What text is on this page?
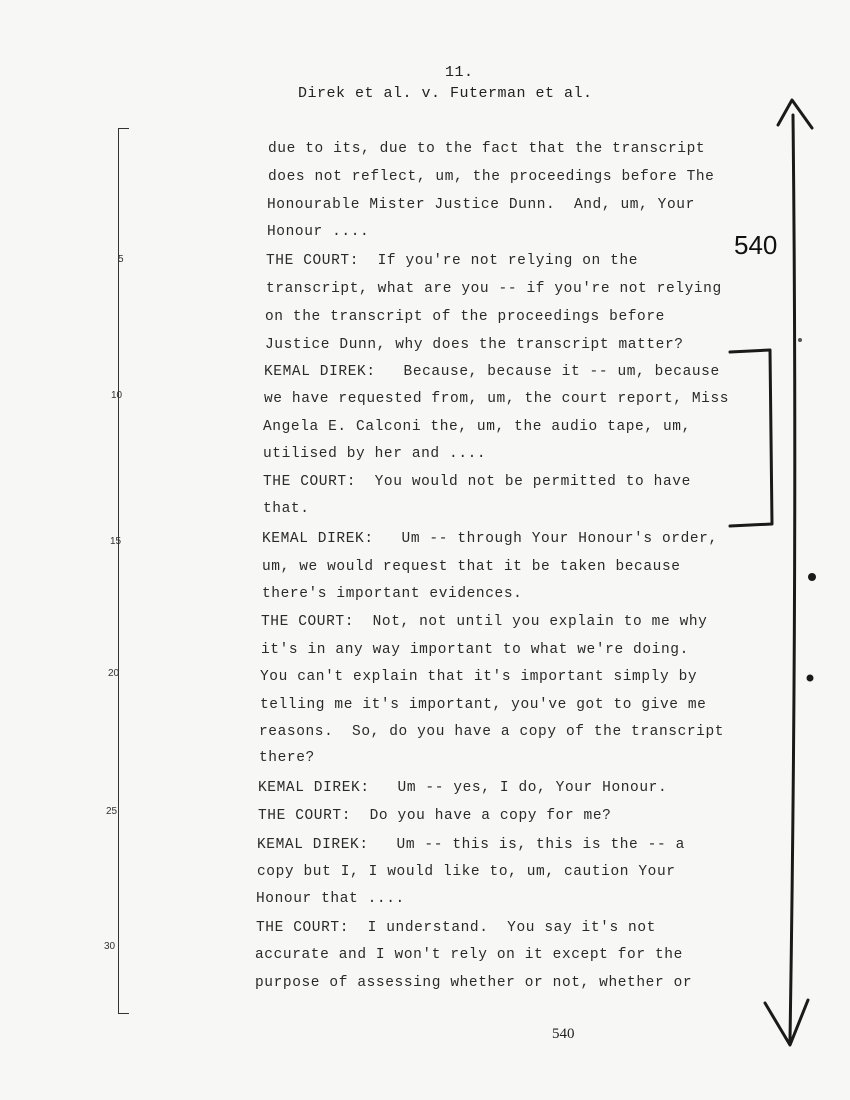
11.
Direk et al. v. Futerman et al.
5
10
15
20
25
30
due to its, due to the fact that the transcript
does not reflect, um, the proceedings before The
Honourable Mister Justice Dunn.  And, um, Your
Honour ....
THE COURT:  If you're not relying on the
transcript, what are you -- if you're not relying
on the transcript of the proceedings before
Justice Dunn, why does the transcript matter?
KEMAL DIREK:   Because, because it -- um, because
we have requested from, um, the court report, Miss
Angela E. Calconi the, um, the audio tape, um,
utilised by her and ....
THE COURT:  You would not be permitted to have
that.
KEMAL DIREK:   Um -- through Your Honour's order,
um, we would request that it be taken because
there's important evidences.
THE COURT:  Not, not until you explain to me why
it's in any way important to what we're doing.
You can't explain that it's important simply by
telling me it's important, you've got to give me
reasons.  So, do you have a copy of the transcript
there?
KEMAL DIREK:   Um -- yes, I do, Your Honour.
THE COURT:  Do you have a copy for me?
KEMAL DIREK:   Um -- this is, this is the -- a
copy but I, I would like to, um, caution Your
Honour that ....
THE COURT:  I understand.  You say it's not
accurate and I won't rely on it except for the
purpose of assessing whether or not, whether or
540
540
